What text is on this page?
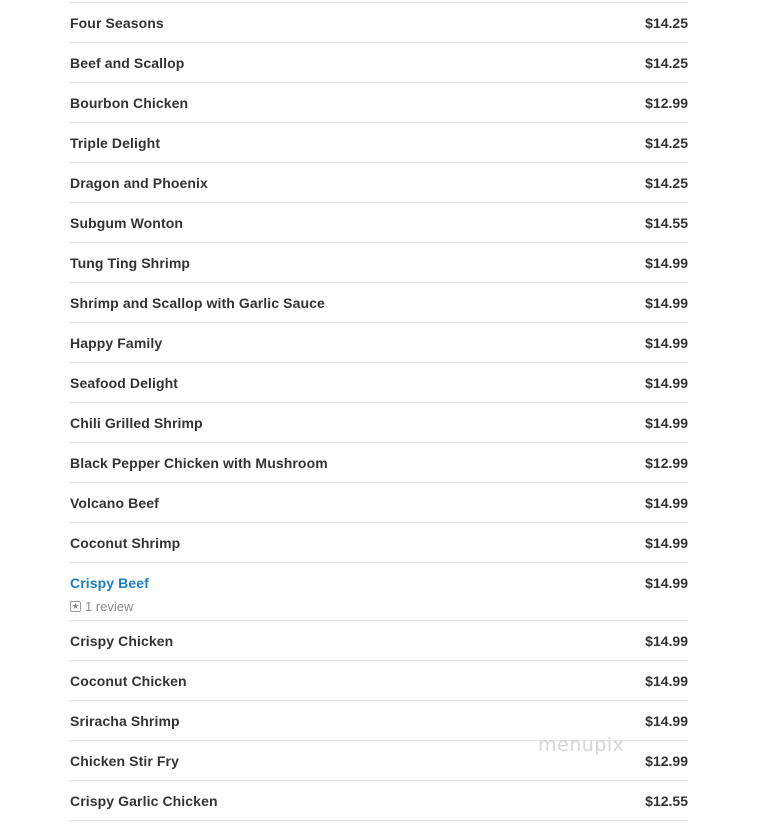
Four Seasons	$14.25
Beef and Scallop	$14.25
Bourbon Chicken	$12.99
Triple Delight	$14.25
Dragon and Phoenix	$14.25
Subgum Wonton	$14.55
Tung Ting Shrimp	$14.99
Shrimp and Scallop with Garlic Sauce	$14.99
Happy Family	$14.99
Seafood Delight	$14.99
Chili Grilled Shrimp	$14.99
Black Pepper Chicken with Mushroom	$12.99
Volcano Beef	$14.99
Coconut Shrimp	$14.99
Crispy Beef	$14.99
★
1 review
Crispy Chicken	$14.99
Coconut Chicken	$14.99
Sriracha Shrimp	$14.99
Chicken Stir Fry	$12.99
Crispy Garlic Chicken	$12.55
menupix
